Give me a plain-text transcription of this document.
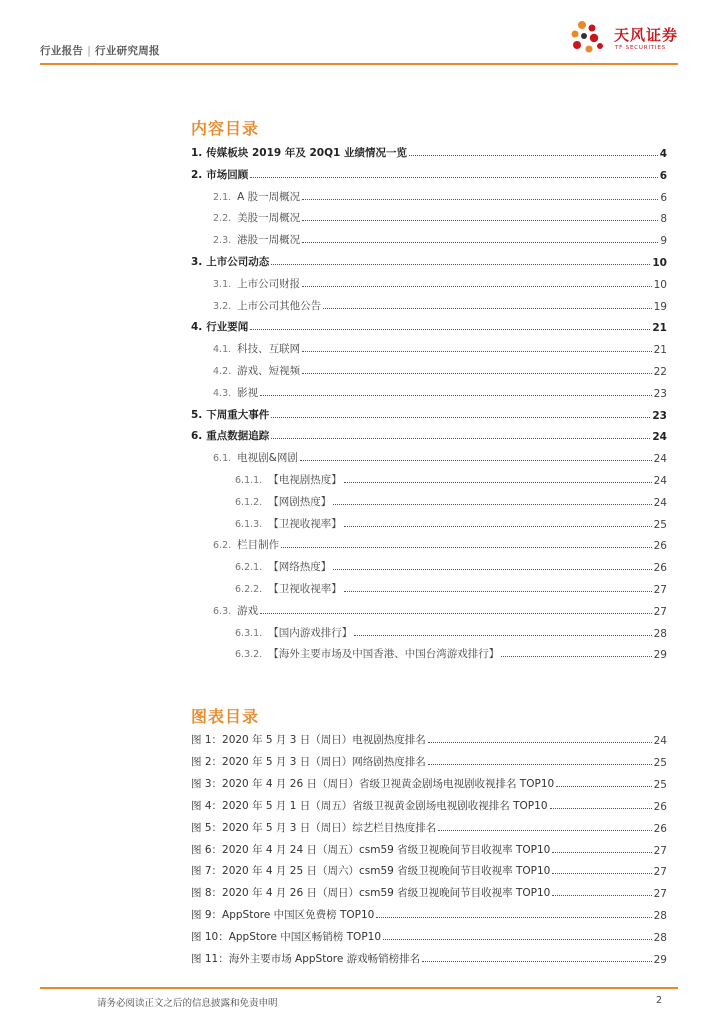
行业报告 | 行业研究周报
天风证券
TF SECURITIES
内容目录
1. 传媒板块 2019 年及 20Q1 业绩情况一览	4
2. 市场回顾	6
2.1. A 股一周概况	6
2.2. 美股一周概况	8
2.3. 港股一周概况	9
3. 上市公司动态	10
3.1. 上市公司财报	10
3.2. 上市公司其他公告	19
4. 行业要闻	21
4.1. 科技、互联网	21
4.2. 游戏、短视频	22
4.3. 影视	23
5. 下周重大事件	23
6. 重点数据追踪	24
6.1. 电视剧&网剧	24
6.1.1. 【电视剧热度】	24
6.1.2. 【网剧热度】	24
6.1.3. 【卫视收视率】	25
6.2. 栏目制作	26
6.2.1. 【网络热度】	26
6.2.2. 【卫视收视率】	27
6.3. 游戏	27
6.3.1. 【国内游戏排行】	28
6.3.2. 【海外主要市场及中国香港、中国台湾游戏排行】	29
图表目录
图 1：2020 年 5 月 3 日（周日）电视剧热度排名	24
图 2：2020 年 5 月 3 日（周日）网络剧热度排名	25
图 3：2020 年 4 月 26 日（周日）省级卫视黄金剧场电视剧收视排名 TOP10	25
图 4：2020 年 5 月 1 日（周五）省级卫视黄金剧场电视剧收视排名 TOP10	26
图 5：2020 年 5 月 3 日（周日）综艺栏目热度排名	26
图 6：2020 年 4 月 24 日（周五）csm59 省级卫视晚间节目收视率 TOP10	27
图 7：2020 年 4 月 25 日（周六）csm59 省级卫视晚间节目收视率 TOP10	27
图 8：2020 年 4 月 26 日（周日）csm59 省级卫视晚间节目收视率 TOP10	27
图 9：AppStore 中国区免费榜 TOP10	28
图 10：AppStore 中国区畅销榜 TOP10	28
图 11：海外主要市场 AppStore 游戏畅销榜排名	29
请务必阅读正文之后的信息披露和免责申明	2
